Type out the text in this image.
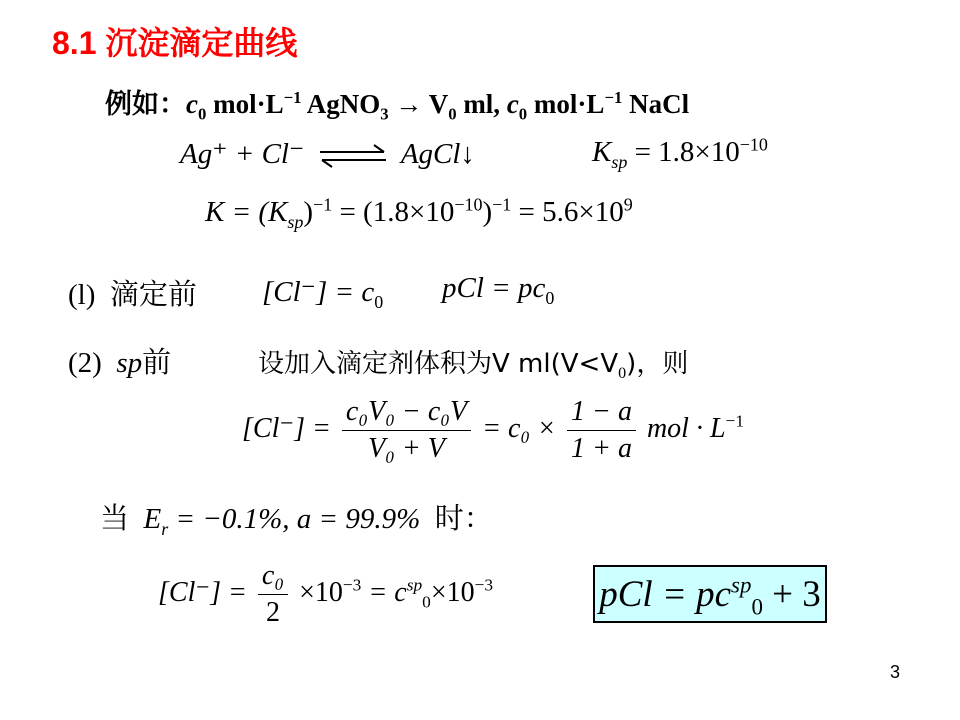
8.1 沉淀滴定曲线
例如：$c_0$ $mol\cdot L^{-1}$ AgNO$_3$ → $V_0$ ml, $c_0$ $mol\cdot L^{-1}$ NaCl
Ag⁺ + Cl⁻ ⇌ AgCl↓	$K_{sp} = 1.8\times 10^{-10}$
$K = (K_{sp})^{-1} = (1.8\times 10^{-10})^{-1} = 5.6\times 10^9$
(l) 滴定前 $[Cl^-] = c_0$ pCl = $pc_0$
(2) sp前	设加入滴定剂体积为V $ml(V<V_0)$，则
$[Cl^-] = \frac{\text{c₀V₀ − c₀V}}{\text{V₀ + V}} = c_0 \times \frac{1 - a}{1 + a}$ mol · $L^{-1}$
当 $E_r = -0.1\%$, a = 99.9% 时：
$[Cl^-] = \frac{\text{c₀}}{2} \times 10^{-3} = c^{sp}_0\times 10^{-3}$	pCl = $pc^{sp}_0 + 3$
3
